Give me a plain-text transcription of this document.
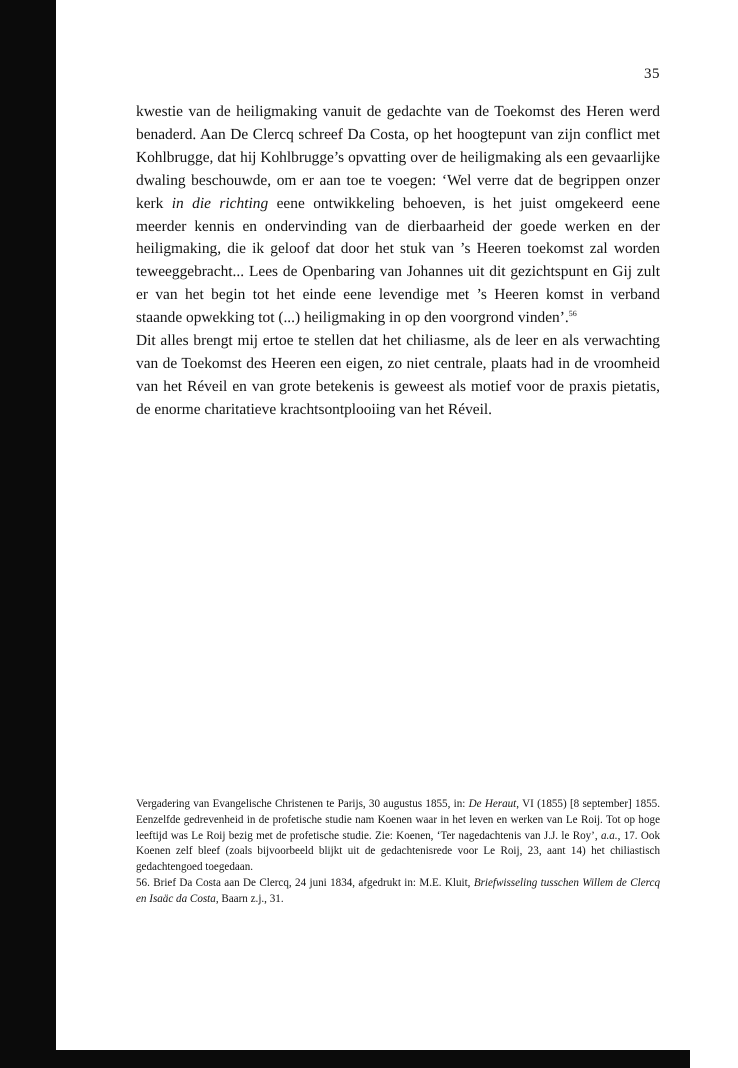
35

kwestie van de heiligmaking vanuit de gedachte van de Toekomst des Heren werd benaderd. Aan De Clercq schreef Da Costa, op het hoogtepunt van zijn conflict met Kohlbrugge, dat hij Kohlbrugge’s opvatting over de heiligmaking als een gevaarlijke dwaling beschouwde, om er aan toe te voegen: ‘Wel verre dat de begrippen onzer kerk in die richting eene ontwikkeling behoeven, is het juist omgekeerd eene meerder kennis en ondervinding van de dierbaarheid der goede werken en der heiligmaking, die ik geloof dat door het stuk van ’s Heeren toekomst zal worden teweeggebracht... Lees de Openbaring van Johannes uit dit gezichtspunt en Gij zult er van het begin tot het einde eene levendige met ’s Heeren komst in verband staande opwekking tot (...) heiligmaking in op den voorgrond vinden’.$^{56}$

Dit alles brengt mij ertoe te stellen dat het chiliasme, als de leer en als verwachting van de Toekomst des Heeren een eigen, zo niet centrale, plaats had in de vroomheid van het Réveil en van grote betekenis is geweest als motief voor de praxis pietatis, de enorme charitatieve krachtsontplooiing van het Réveil.

Vergadering van Evangelische Christenen te Parijs, 30 augustus 1855, in: De Heraut, VI (1855) [8 september] 1855. Eenzelfde gedrevenheid in de profetische studie nam Koenen waar in het leven en werken van Le Roij. Tot op hoge leeftijd was Le Roij bezig met de profetische studie. Zie: Koenen, ‘Ter nagedachtenis van J.J. le Roy’, a.a., 17. Ook Koenen zelf bleef (zoals bijvoorbeeld blijkt uit de gedachtenisrede voor Le Roij, 23, aant 14) het chiliastisch gedachtengoed toegedaan.

56. Brief Da Costa aan De Clercq, 24 juni 1834, afgedrukt in: M.E. Kluit, Briefwisseling tusschen Willem de Clercq en Isaäc da Costa, Baarn z.j., 31.
